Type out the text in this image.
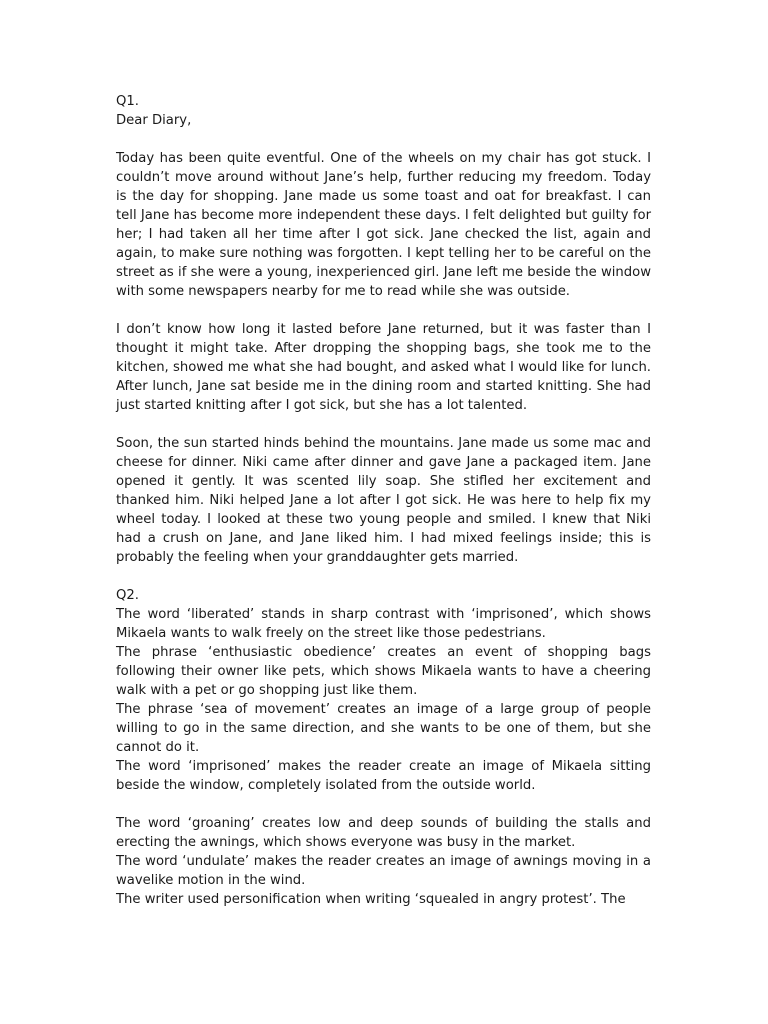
Q1.

Dear Diary,

Today has been quite eventful. One of the wheels on my chair has got stuck. I couldn’t move around without Jane’s help, further reducing my freedom. Today is the day for shopping. Jane made us some toast and oat for breakfast. I can tell Jane has become more independent these days. I felt delighted but guilty for her; I had taken all her time after I got sick. Jane checked the list, again and again, to make sure nothing was forgotten. I kept telling her to be careful on the street as if she were a young, inexperienced girl. Jane left me beside the window with some newspapers nearby for me to read while she was outside.

I don’t know how long it lasted before Jane returned, but it was faster than I thought it might take. After dropping the shopping bags, she took me to the kitchen, showed me what she had bought, and asked what I would like for lunch. After lunch, Jane sat beside me in the dining room and started knitting. She had just started knitting after I got sick, but she has a lot talented.

Soon, the sun started hinds behind the mountains. Jane made us some mac and cheese for dinner. Niki came after dinner and gave Jane a packaged item. Jane opened it gently. It was scented lily soap. She stifled her excitement and thanked him. Niki helped Jane a lot after I got sick. He was here to help fix my wheel today. I looked at these two young people and smiled. I knew that Niki had a crush on Jane, and Jane liked him. I had mixed feelings inside; this is probably the feeling when your granddaughter gets married.

Q2.

The word ‘liberated’ stands in sharp contrast with ‘imprisoned’, which shows Mikaela wants to walk freely on the street like those pedestrians.

The phrase ‘enthusiastic obedience’ creates an event of shopping bags following their owner like pets, which shows Mikaela wants to have a cheering walk with a pet or go shopping just like them.

The phrase ‘sea of movement’ creates an image of a large group of people willing to go in the same direction, and she wants to be one of them, but she cannot do it.

The word ‘imprisoned’ makes the reader create an image of Mikaela sitting beside the window, completely isolated from the outside world.

The word ‘groaning’ creates low and deep sounds of building the stalls and erecting the awnings, which shows everyone was busy in the market.

The word ‘undulate’ makes the reader creates an image of awnings moving in a wavelike motion in the wind.

The writer used personification when writing ‘squealed in angry protest’. The
